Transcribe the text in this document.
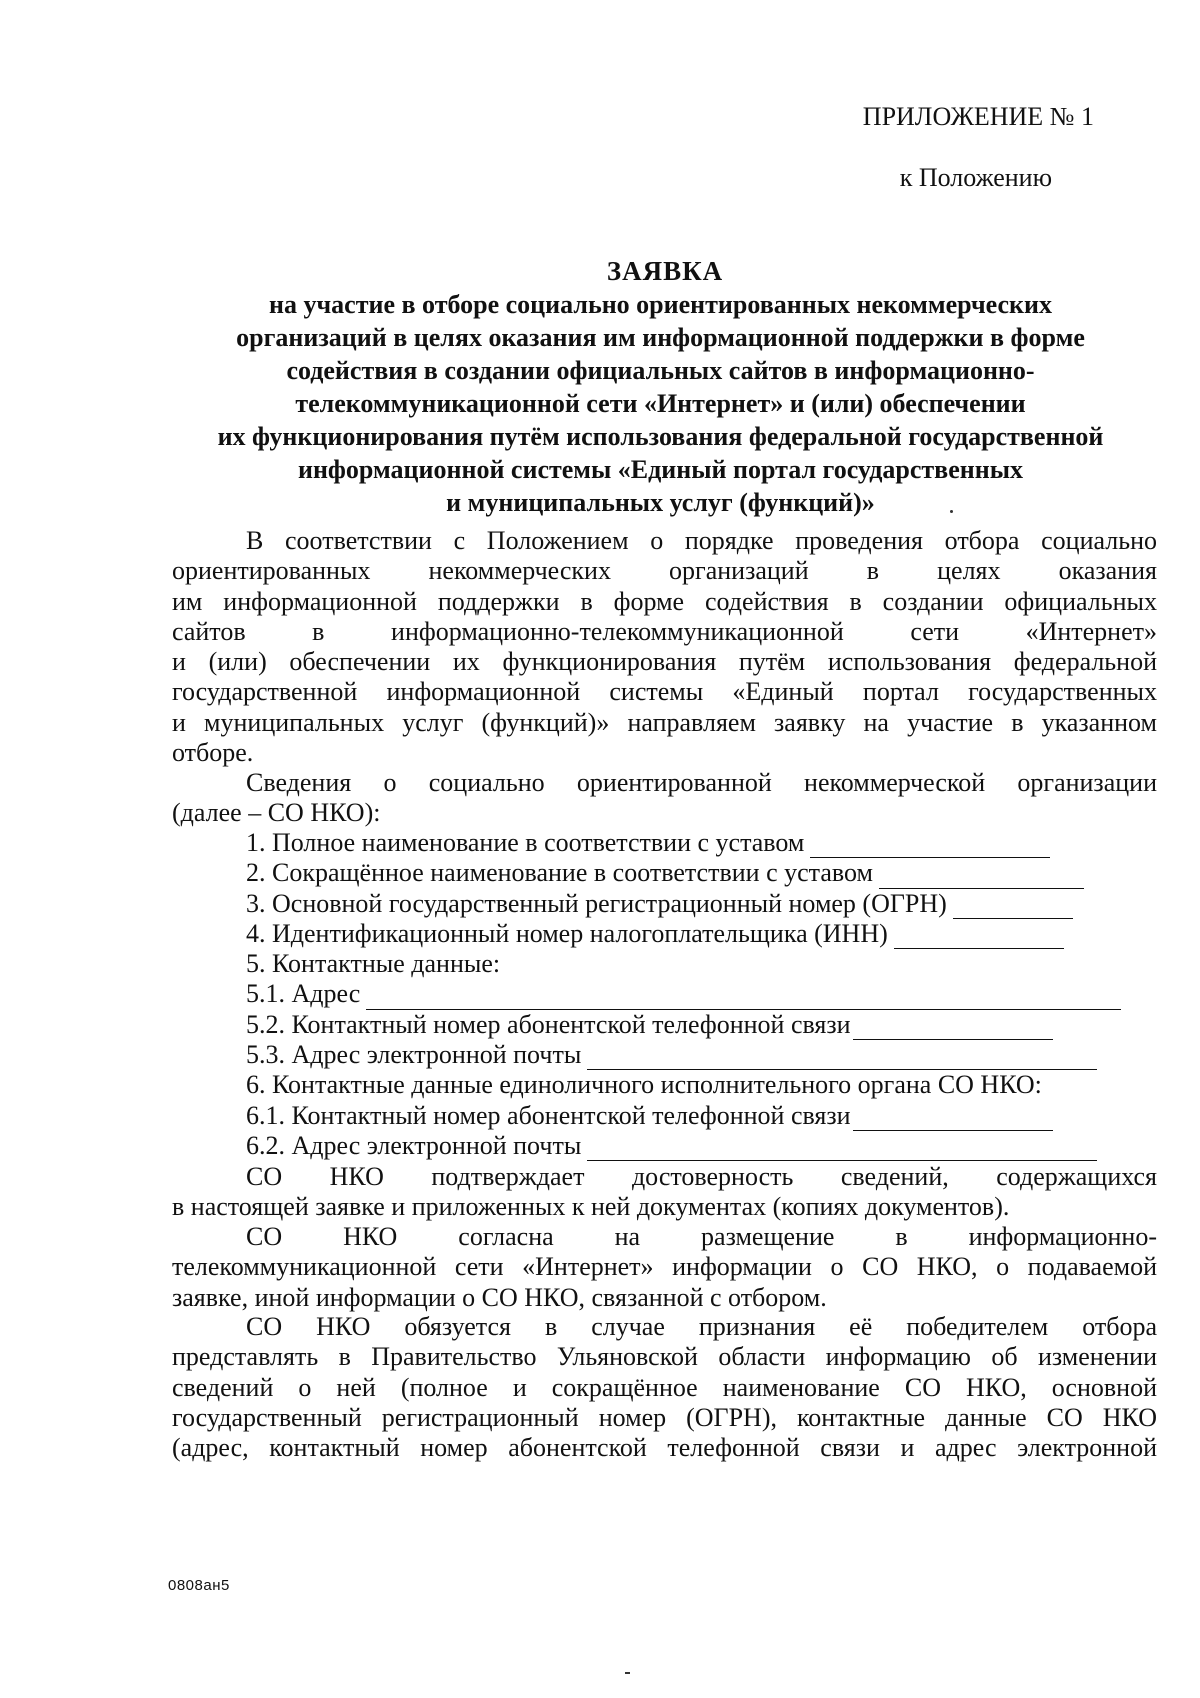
ПРИЛОЖЕНИЕ № 1
к Положению
ЗАЯВКА
на участие в отборе социально ориентированных некоммерческих
организаций в целях оказания им информационной поддержки в форме
содействия в создании официальных сайтов в информационно-
телекоммуникационной сети «Интернет» и (или) обеспечении
их функционирования путём использования федеральной государственной
информационной системы «Единый портал государственных
и муниципальных услуг (функций)»
В соответствии с Положением о порядке проведения отбора социально
ориентированных некоммерческих организаций в целях оказания
им информационной поддержки в форме содействия в создании официальных
сайтов в информационно-телекоммуникационной сети «Интернет»
и (или) обеспечении их функционирования путём использования федеральной
государственной информационной системы «Единый портал государственных
и муниципальных услуг (функций)» направляем заявку на участие в указанном
отборе.
Сведения о социально ориентированной некоммерческой организации
(далее – СО НКО):
1. Полное наименование в соответствии с уставом
2. Сокращённое наименование в соответствии с уставом
3. Основной государственный регистрационный номер (ОГРН)
4. Идентификационный номер налогоплательщика (ИНН)
5. Контактные данные:
5.1. Адрес
5.2. Контактный номер абонентской телефонной связи
5.3. Адрес электронной почты
6. Контактные данные единоличного исполнительного органа СО НКО:
6.1. Контактный номер абонентской телефонной связи
6.2. Адрес электронной почты
СО НКО подтверждает достоверность сведений, содержащихся
в настоящей заявке и приложенных к ней документах (копиях документов).
СО НКО согласна на размещение в информационно-
телекоммуникационной сети «Интернет» информации о СО НКО, о подаваемой
заявке, иной информации о СО НКО, связанной с отбором.
СО НКО обязуется в случае признания её победителем отбора
представлять в Правительство Ульяновской области информацию об изменении
сведений о ней (полное и сокращённое наименование СО НКО, основной
государственный регистрационный номер (ОГРН), контактные данные СО НКО
(адрес, контактный номер абонентской телефонной связи и адрес электронной
0808ан5
